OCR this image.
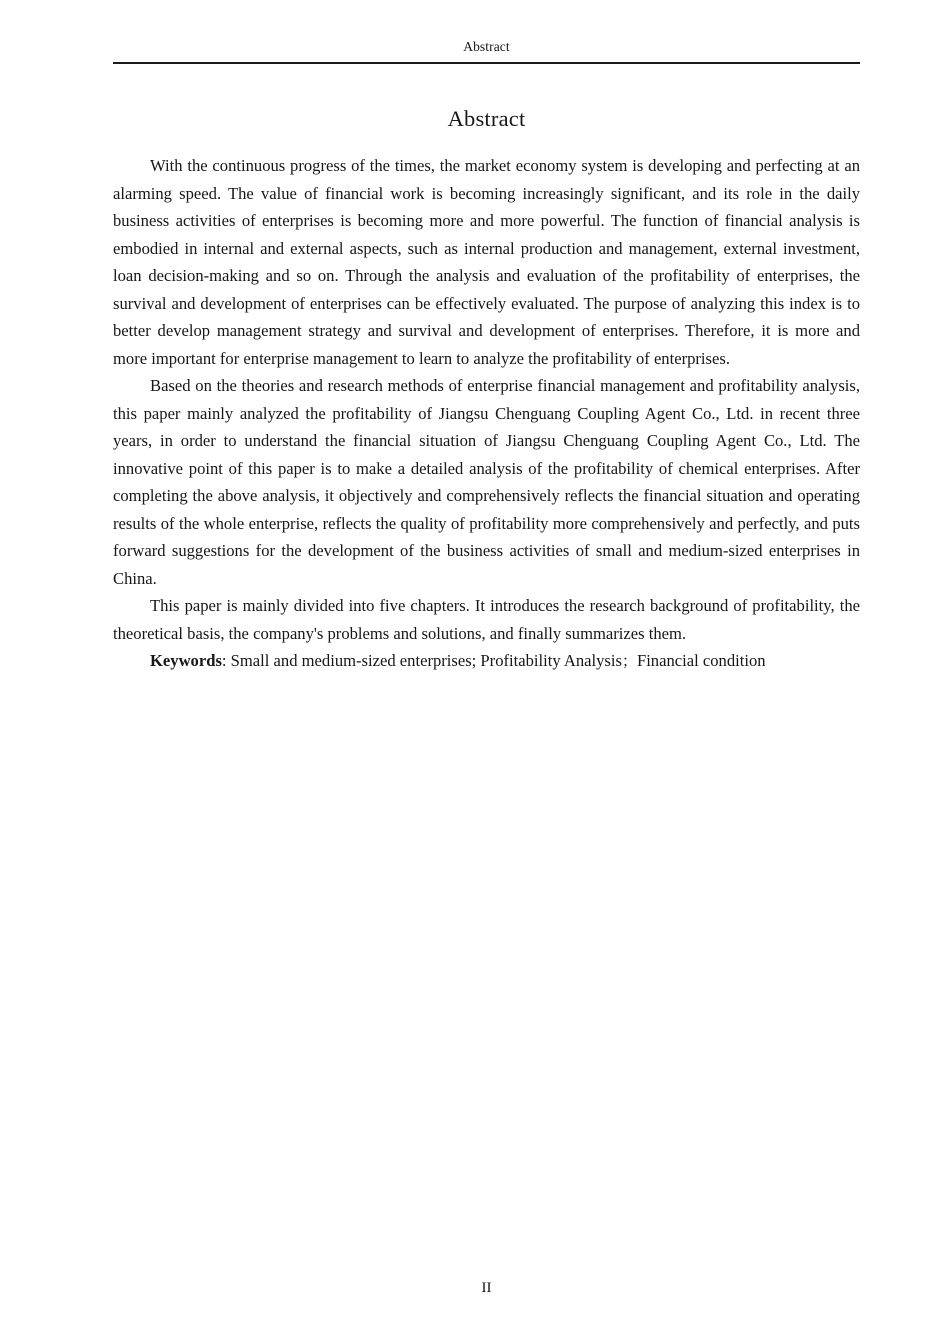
Abstract
Abstract

With the continuous progress of the times, the market economy system is developing and perfecting at an alarming speed. The value of financial work is becoming increasingly significant, and its role in the daily business activities of enterprises is becoming more and more powerful. The function of financial analysis is embodied in internal and external aspects, such as internal production and management, external investment, loan decision-making and so on. Through the analysis and evaluation of the profitability of enterprises, the survival and development of enterprises can be effectively evaluated. The purpose of analyzing this index is to better develop management strategy and survival and development of enterprises. Therefore, it is more and more important for enterprise management to learn to analyze the profitability of enterprises.

Based on the theories and research methods of enterprise financial management and profitability analysis, this paper mainly analyzed the profitability of Jiangsu Chenguang Coupling Agent Co., Ltd. in recent three years, in order to understand the financial situation of Jiangsu Chenguang Coupling Agent Co., Ltd. The innovative point of this paper is to make a detailed analysis of the profitability of chemical enterprises. After completing the above analysis, it objectively and comprehensively reflects the financial situation and operating results of the whole enterprise, reflects the quality of profitability more comprehensively and perfectly, and puts forward suggestions for the development of the business activities of small and medium-sized enterprises in China.

This paper is mainly divided into five chapters. It introduces the research background of profitability, the theoretical basis, the company's problems and solutions, and finally summarizes them.

Keywords: Small and medium-sized enterprises; Profitability Analysis；Financial condition

II
